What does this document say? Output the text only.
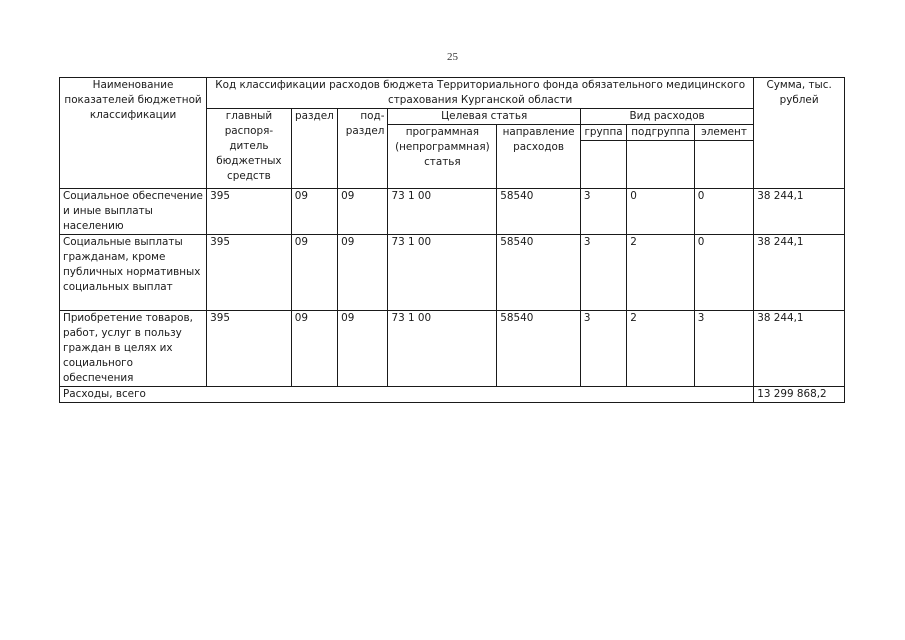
25
Наименование показателей бюджетной классификации	Код классификации расходов бюджета Территориального фонда обязательного медицинского страхования Курганской области								Сумма, тыс. рублей
	главный распоря-дитель бюджетных средств	раздел	под-раздел	Целевая статья		Вид расходов			
				программная (непрограммная) статья	направление расходов	группа	подгруппа	элемент	

Социальное обеспечение и иные выплаты населению	395	09	09	73 1 00	58540	3	0	0	38 244,1
Социальные выплаты гражданам, кроме публичных нормативных социальных выплат	395	09	09	73 1 00	58540	3	2	0	38 244,1
Приобретение товаров, работ, услуг в пользу граждан в целях их социального обеспечения	395	09	09	73 1 00	58540	3	2	3	38 244,1
Расходы, всего									13 299 868,2
